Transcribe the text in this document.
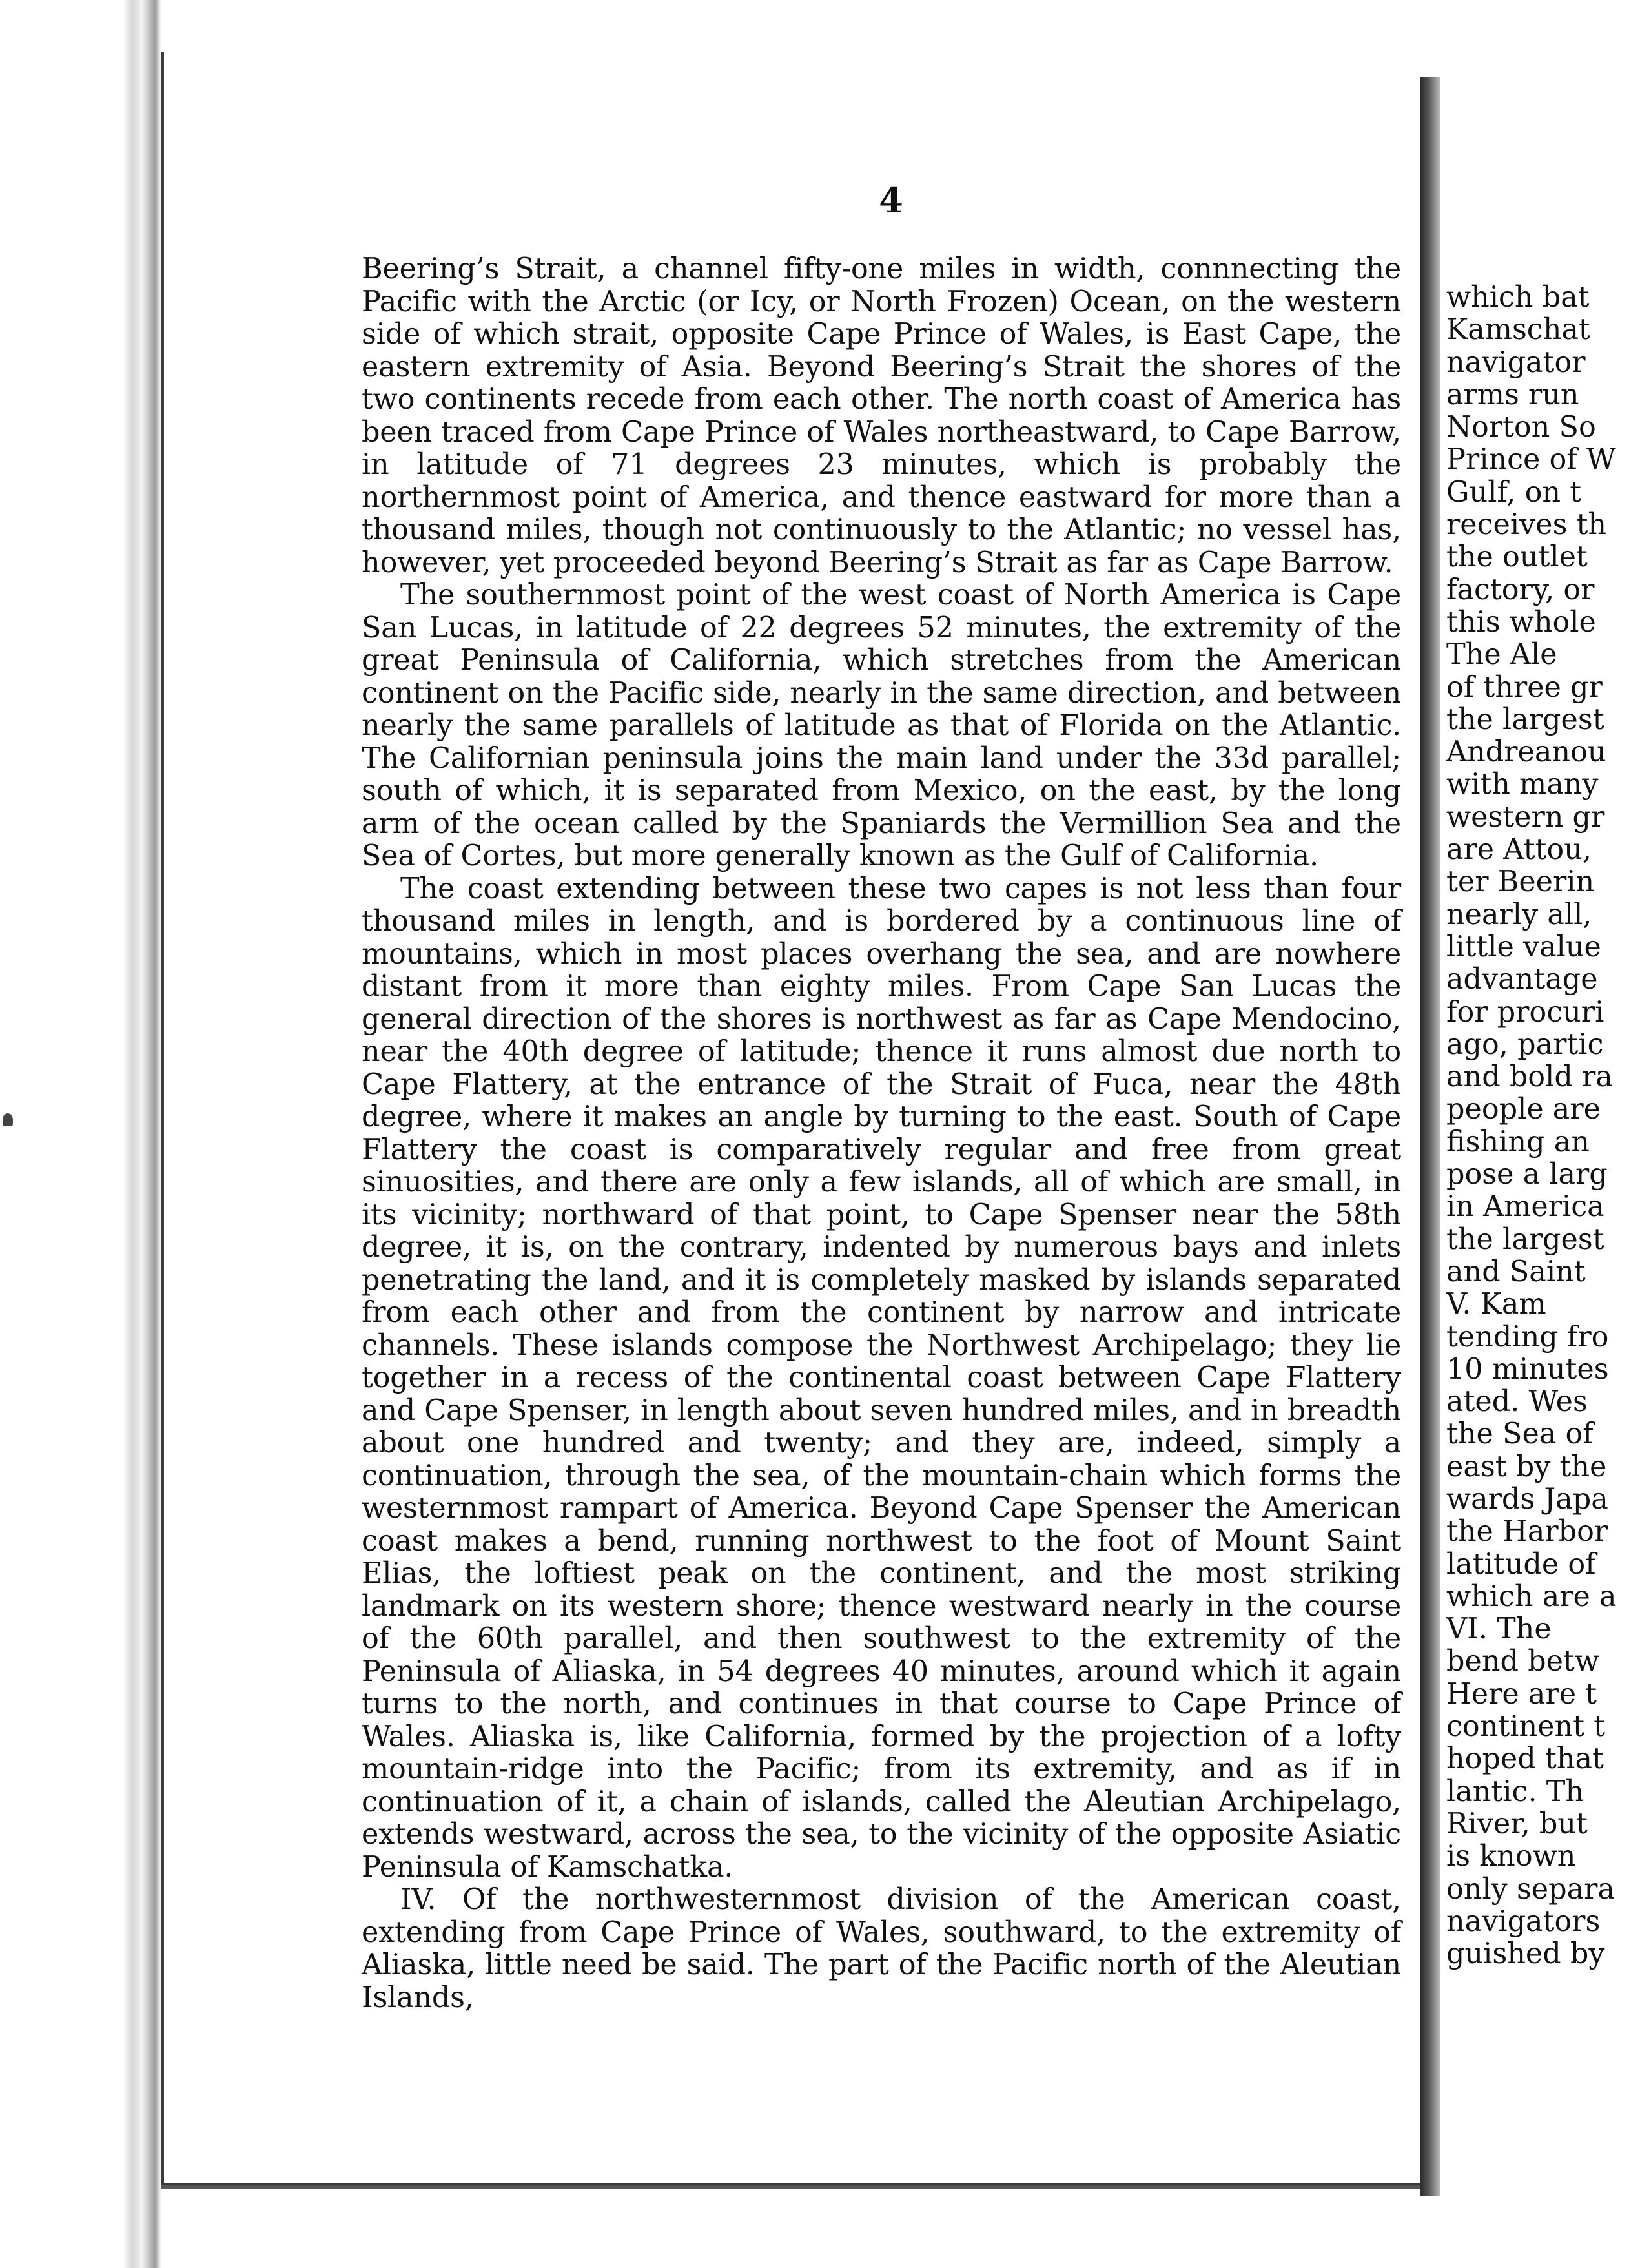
4

Beering’s Strait, a channel fifty-one miles in width, connnecting the Pacific with the Arctic (or Icy, or North Frozen) Ocean, on the western side of which strait, opposite Cape Prince of Wales, is East Cape, the eastern extremity of Asia. Beyond Beering’s Strait the shores of the two continents recede from each other. The north coast of America has been traced from Cape Prince of Wales northeastward, to Cape Barrow, in latitude of 71 degrees 23 minutes, which is probably the northernmost point of America, and thence eastward for more than a thousand miles, though not continuously to the Atlantic; no vessel has, however, yet proceeded beyond Beering’s Strait as far as Cape Barrow.

The southernmost point of the west coast of North America is Cape San Lucas, in latitude of 22 degrees 52 minutes, the extremity of the great Peninsula of California, which stretches from the American continent on the Pacific side, nearly in the same direction, and between nearly the same parallels of latitude as that of Florida on the Atlantic. The Californian peninsula joins the main land under the 33d parallel; south of which, it is separated from Mexico, on the east, by the long arm of the ocean called by the Spaniards the Vermillion Sea and the Sea of Cortes, but more generally known as the Gulf of California.

The coast extending between these two capes is not less than four thousand miles in length, and is bordered by a continuous line of mountains, which in most places overhang the sea, and are nowhere distant from it more than eighty miles. From Cape San Lucas the general direction of the shores is northwest as far as Cape Mendocino, near the 40th degree of latitude; thence it runs almost due north to Cape Flattery, at the entrance of the Strait of Fuca, near the 48th degree, where it makes an angle by turning to the east. South of Cape Flattery the coast is comparatively regular and free from great sinuosities, and there are only a few islands, all of which are small, in its vicinity; northward of that point, to Cape Spenser near the 58th degree, it is, on the contrary, indented by numerous bays and inlets penetrating the land, and it is completely masked by islands separated from each other and from the continent by narrow and intricate channels. These islands compose the Northwest Archipelago; they lie together in a recess of the continental coast between Cape Flattery and Cape Spenser, in length about seven hundred miles, and in breadth about one hundred and twenty; and they are, indeed, simply a continuation, through the sea, of the mountain-chain which forms the westernmost rampart of America. Beyond Cape Spenser the American coast makes a bend, running northwest to the foot of Mount Saint Elias, the loftiest peak on the continent, and the most striking landmark on its western shore; thence westward nearly in the course of the 60th parallel, and then southwest to the extremity of the Peninsula of Aliaska, in 54 degrees 40 minutes, around which it again turns to the north, and continues in that course to Cape Prince of Wales. Aliaska is, like California, formed by the projection of a lofty mountain-ridge into the Pacific; from its extremity, and as if in continuation of it, a chain of islands, called the Aleutian Archipelago, extends westward, across the sea, to the vicinity of the opposite Asiatic Peninsula of Kamschatka.

IV. Of the northwesternmost division of the American coast, extending from Cape Prince of Wales, southward, to the extremity of Aliaska, little need be said. The part of the Pacific north of the Aleutian Islands,

which bat
Kamschat
navigator
arms run
Norton So
Prince of W
Gulf, on t
receives th
the outlet
factory, or
this whole
The Ale
of three gr
the largest
Andreanou
with many
western gr
are Attou,
ter Beerin
nearly all,
little value
advantage
for procuri
ago, partic
and bold ra
people are
fishing an
pose a larg
in America
the largest
and Saint
V. Kam
tending fro
10 minutes
ated. Wes
the Sea of
east by the
wards Japa
the Harbor
latitude of
which are a
VI. The
bend betw
Here are t
continent t
hoped that
lantic. Th
River, but
is known
only separa
navigators
guished by
